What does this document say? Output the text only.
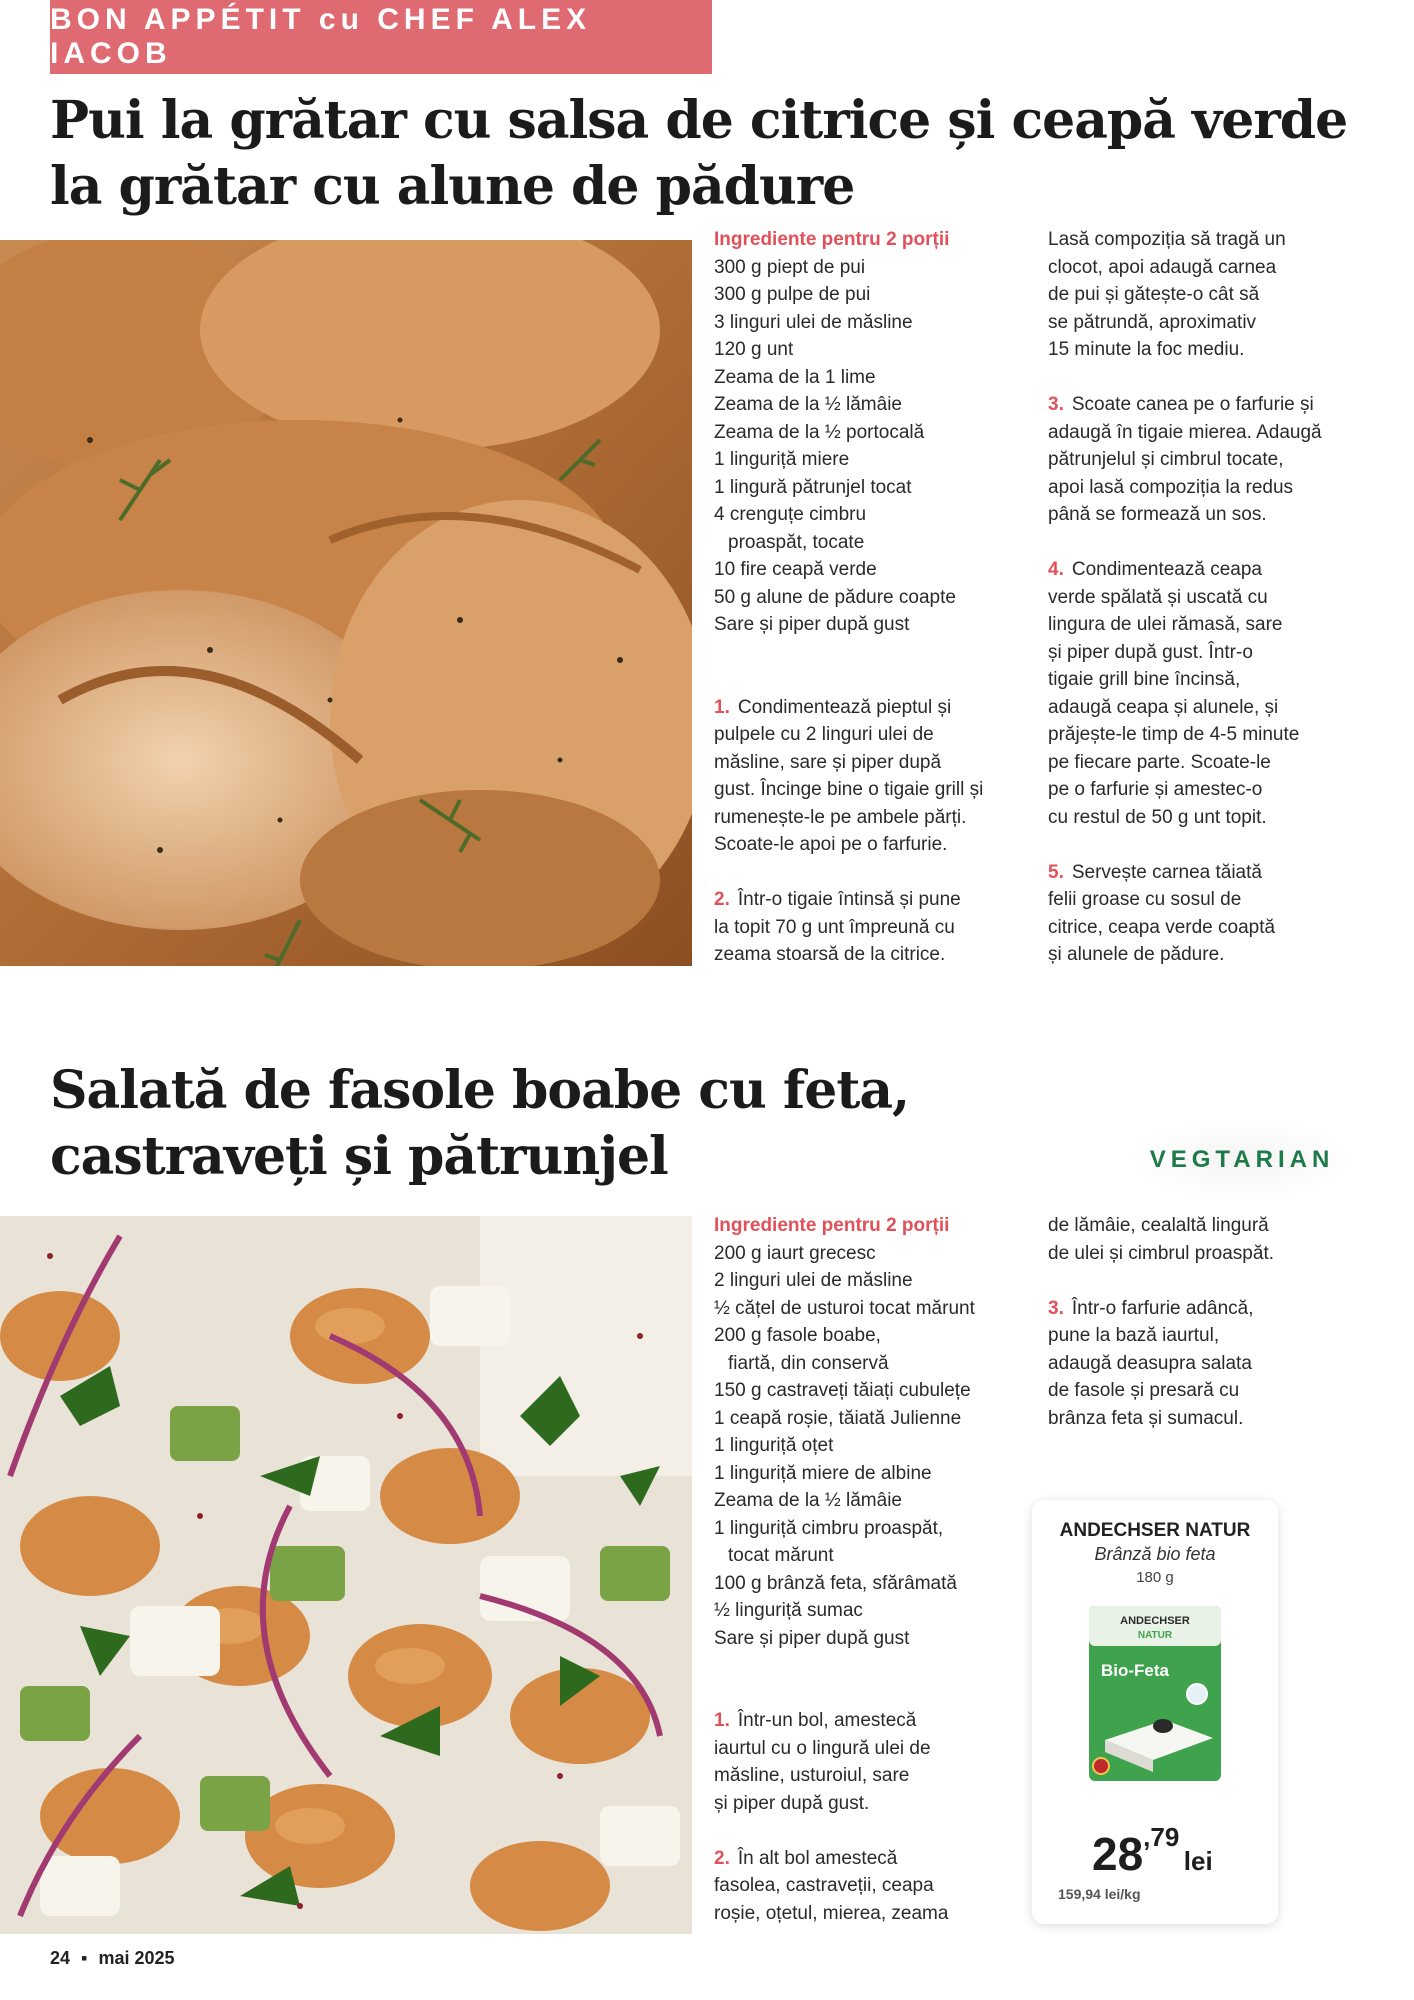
BON APPÉTIT cu CHEF ALEX IACOB
Pui la grătar cu salsa de citrice și ceapă verde
la grătar cu alune de pădure
Ingrediente pentru 2 porții
300 g piept de pui
300 g pulpe de pui
3 linguri ulei de măsline
120 g unt
Zeama de la 1 lime
Zeama de la ½ lămâie
Zeama de la ½ portocală
1 linguriță miere
1 lingură pătrunjel tocat
4 crenguțe cimbru
proaspăt, tocate
10 fire ceapă verde
50 g alune de pădure coapte
Sare și piper după gust
1. Condimentează pieptul și
pulpele cu 2 linguri ulei de
măsline, sare și piper după
gust. Încinge bine o tigaie grill și
rumenește-le pe ambele părți.
Scoate-le apoi pe o farfurie.
2. Într-o tigaie întinsă și pune
la topit 70 g unt împreună cu
zeama stoarsă de la citrice.
Lasă compoziția să tragă un
clocot, apoi adaugă carnea
de pui și gătește-o cât să
se pătrundă, aproximativ
15 minute la foc mediu.
3. Scoate canea pe o farfurie și
adaugă în tigaie mierea. Adaugă
pătrunjelul și cimbrul tocate,
apoi lasă compoziția la redus
până se formează un sos.
4. Condimentează ceapa
verde spălată și uscată cu
lingura de ulei rămasă, sare
și piper după gust. Într-o
tigaie grill bine încinsă,
adaugă ceapa și alunele, și
prăjește-le timp de 4-5 minute
pe fiecare parte. Scoate-le
pe o farfurie și amestec-o
cu restul de 50 g unt topit.
5. Servește carnea tăiată
felii groase cu sosul de
citrice, ceapa verde coaptă
și alunele de pădure.
Salată de fasole boabe cu feta,
castraveți și pătrunjel	VEGTARIAN
Ingrediente pentru 2 porții
200 g iaurt grecesc
2 linguri ulei de măsline
½ cățel de usturoi tocat mărunt
200 g fasole boabe,
fiartă, din conservă
150 g castraveți tăiați cubulețe
1 ceapă roșie, tăiată Julienne
1 linguriță oțet
1 linguriță miere de albine
Zeama de la ½ lămâie
1 linguriță cimbru proaspăt,
tocat mărunt
100 g brânză feta, sfărâmată
½ linguriță sumac
Sare și piper după gust
1. Într-un bol, amestecă
iaurtul cu o lingură ulei de
măsline, usturoiul, sare
și piper după gust.
2. În alt bol amestecă
fasolea, castraveții, ceapa
roșie, oțetul, mierea, zeama
de lămâie, cealaltă lingură
de ulei și cimbrul proaspăt.
3. Într-o farfurie adâncă,
pune la bază iaurtul,
adaugă deasupra salata
de fasole și presară cu
brânza feta și sumacul.
ANDECHSER NATUR
Brânză bio feta
180 g
ANDECHSER
NATUR
Bio-Feta
28,79 lei
159,94 lei/kg
24 ▪ mai 2025
